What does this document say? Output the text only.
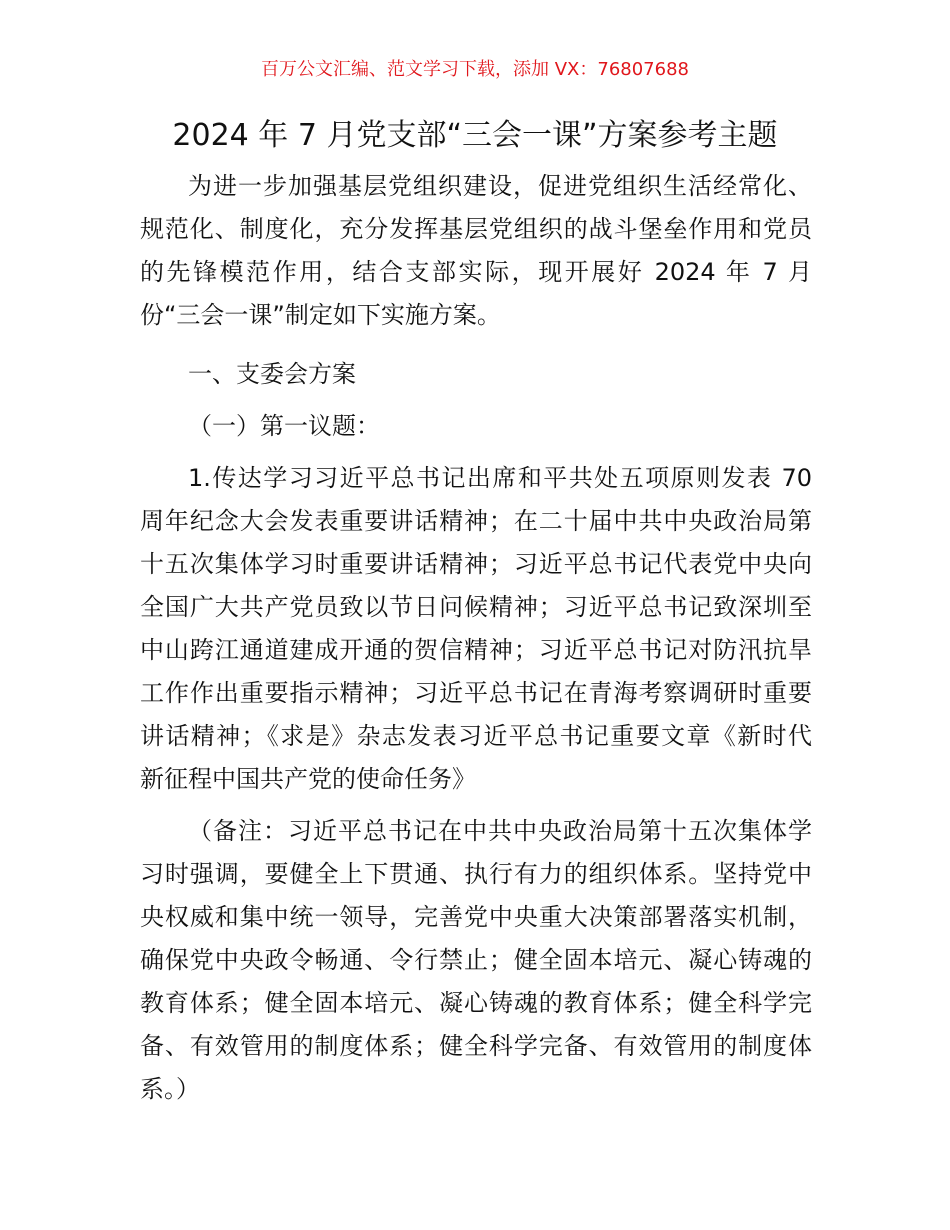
百万公文汇编、范文学习下载，添加 VX：76807688
2024 年 7 月党支部“三会一课”方案参考主题
为进一步加强基层党组织建设，促进党组织生活经常化、
规范化、制度化，充分发挥基层党组织的战斗堡垒作用和党员
的先锋模范作用，结合支部实际，现开展好 2024 年 7 月
份“三会一课”制定如下实施方案。
一、支委会方案
（一）第一议题：
1.传达学习习近平总书记出席和平共处五项原则发表 70
周年纪念大会发表重要讲话精神；在二十届中共中央政治局第
十五次集体学习时重要讲话精神；习近平总书记代表党中央向
全国广大共产党员致以节日问候精神；习近平总书记致深圳至
中山跨江通道建成开通的贺信精神；习近平总书记对防汛抗旱
工作作出重要指示精神；习近平总书记在青海考察调研时重要
讲话精神；《求是》杂志发表习近平总书记重要文章《新时代
新征程中国共产党的使命任务》
（备注：习近平总书记在中共中央政治局第十五次集体学
习时强调，要健全上下贯通、执行有力的组织体系。坚持党中
央权威和集中统一领导，完善党中央重大决策部署落实机制，
确保党中央政令畅通、令行禁止；健全固本培元、凝心铸魂的
教育体系；健全固本培元、凝心铸魂的教育体系；健全科学完
备、有效管用的制度体系；健全科学完备、有效管用的制度体
系。）
